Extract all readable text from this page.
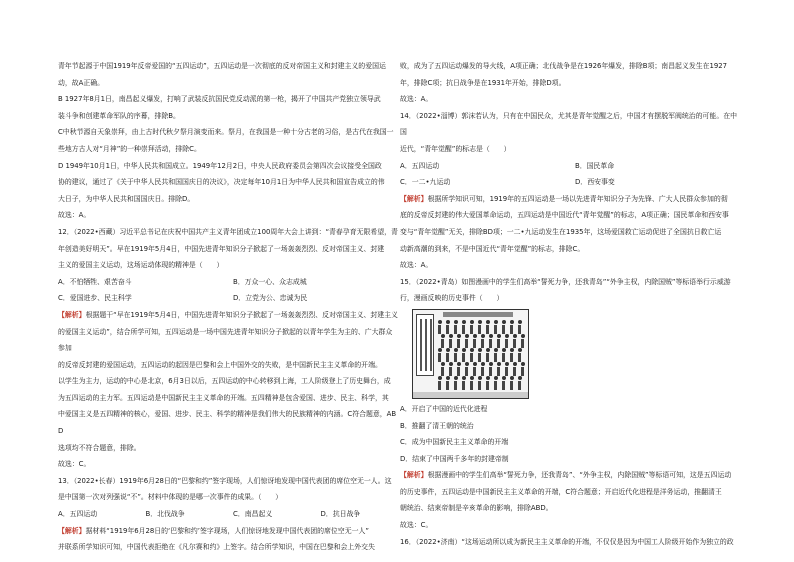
青年节起源于中国1919年反帝爱国的“五四运动”，五四运动是一次彻底的反对帝国主义和封建主义的爱国运

动，故A正确。

B 1927年8月1日，南昌起义爆发，打响了武装反抗国民党反动派的第一枪，揭开了中国共产党独立领导武

装斗争和创建革命军队的序幕，排除B。

C中秋节源自天象崇拜，由上古时代秋夕祭月演变而来。祭月，在我国是一种十分古老的习俗，是古代在我国一

些地方古人对“月神”的一种崇拜活动，排除C。

D 1949年10月1日，中华人民共和国成立。1949年12月2日，中央人民政府委员会第四次会议接受全国政

协的建议，通过了《关于中华人民共和国国庆日的决议》，决定每年10月1日为中华人民共和国宣告成立的伟

大日子，为中华人民共和国国庆日。排除D。

故选：A。

12．（2022•西藏）习近平总书记在庆祝中国共产主义青年团成立100周年大会上讲到：“青春孕育无限希望，青

年创造美好明天”。早在1919年5月4日，中国先进青年知识分子掀起了一场轰轰烈烈、反对帝国主义、封建

主义的爱国主义运动，这场运动体现的精神是（　　）

A．不怕牺牲、艰苦奋斗	B．万众一心、众志成城
C．爱国进步、民主科学	D．立党为公、忠诚为民

【解析】根据题干“早在1919年5月4日，中国先进青年知识分子掀起了一场轰轰烈烈、反对帝国主义、封建主义

的爱国主义运动”，结合所学可知，五四运动是一场中国先进青年知识分子掀起的以青年学生为主的、广大群众参加

的反帝反封建的爱国运动，五四运动的起因是巴黎和会上中国外交的失败，是中国新民主主义革命的开端。

以学生为主力，运动的中心是北京，6月3日以后，五四运动的中心转移到上海，工人阶级登上了历史舞台，成

为五四运动的主力军。五四运动是中国新民主主义革命的开端。五四精神是包含爱国、进步、民主、科学，其

中爱国主义是五四精神的核心，爱国、进步、民主、科学的精神是我们伟大的民族精神的内涵。C符合题意，ABD

选项均不符合题意，排除。

故选：C。

13．（2022•长春）1919年6月28日的“巴黎和约”签字现场，人们惊讶地发现中国代表团的席位空无一人。这

是中国第一次对列强说“不”。材料中体现的是哪一次事件的成果。（　　）

A．五四运动	B．北伐战争	C．南昌起义	D．抗日战争

【解析】据材料“1919年6月28日的‘巴黎和约’签字现场，人们惊讶地发现中国代表团的席位空无一人”

并联系所学知识可知，中国代表拒绝在《凡尔赛和约》上签字。结合所学知识，中国在巴黎和会上外交失

败，成为了五四运动爆发的导火线，A项正确；北伐战争是在1926年爆发，排除B项；南昌起义发生在1927

年，排除C项；抗日战争是在1931年开始，排除D项。

故选：A。

14．（2022•淄博）郭沫若认为，只有在中国民众，尤其是青年觉醒之后，中国才有摆脱军阀统治的可能。在中国

近代，“青年觉醒”的标志是（　　）

A．五四运动	B．国民革命
C．一二•九运动	D．西安事变

【解析】根据所学知识可知，1919年的五四运动是一场以先进青年知识分子为先锋、广大人民群众参加的彻

底的反帝反封建的伟大爱国革命运动，五四运动是中国近代“青年觉醒”的标志，A项正确；国民革命和西安事

变与“青年觉醒”无关，排除BD项；一二•九运动发生在1935年，这场爱国救亡运动促进了全国抗日救亡运

动新高潮的到来，不是中国近代“青年觉醒”的标志，排除C。

故选：A。

15．（2022•青岛）如图漫画中的学生们高举“誓死力争，还我青岛”“外争主权，内除国贼”等标语举行示威游

行，漫画反映的历史事件（　　）

A．开启了中国的近代化进程

B．推翻了清王朝的统治

C．成为中国新民主主义革命的开端

D．结束了中国两千多年的封建帝制

【解析】根据漫画中的学生们高举“誓死力争，还我青岛”、“外争主权，内除国贼”等标语可知，这是五四运动

的历史事件，五四运动是中国新民主主义革命的开端，C符合题意；开启近代化进程是洋务运动，推翻清王

朝统治、结束帝制是辛亥革命的影响，排除ABD。

故选：C。

16．（2022•济南）“这场运动所以成为新民主主义革命的开端，不仅仅是因为中国工人阶级开始作为独立的政
